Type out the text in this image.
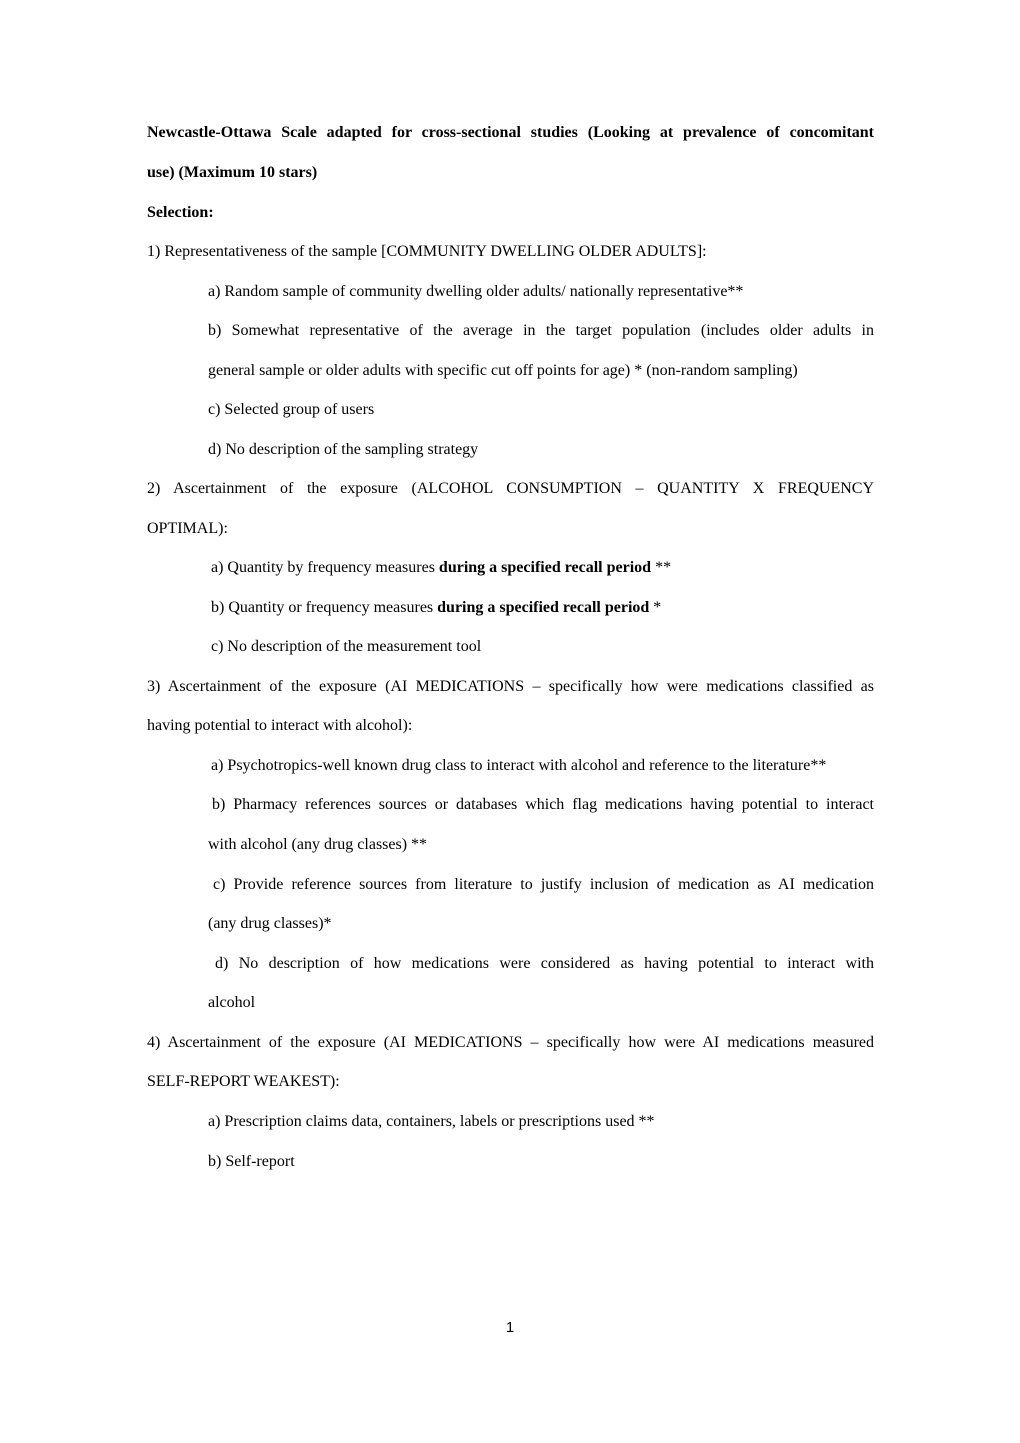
Newcastle-Ottawa Scale adapted for cross-sectional studies (Looking at prevalence of concomitant
use) (Maximum 10 stars)
Selection:
1) Representativeness of the sample [COMMUNITY DWELLING OLDER ADULTS]:
a) Random sample of community dwelling older adults/ nationally representative**
b) Somewhat representative of the average in the target population (includes older adults in
general sample or older adults with specific cut off points for age) * (non-random sampling)
c) Selected group of users
d) No description of the sampling strategy
2) Ascertainment of the exposure (ALCOHOL CONSUMPTION – QUANTITY X FREQUENCY
OPTIMAL):
a) Quantity by frequency measures during a specified recall period **
b) Quantity or frequency measures during a specified recall period *
c) No description of the measurement tool
3) Ascertainment of the exposure (AI MEDICATIONS – specifically how were medications classified as
having potential to interact with alcohol):
a) Psychotropics-well known drug class to interact with alcohol and reference to the literature**
b) Pharmacy references sources or databases which flag medications having potential to interact
with alcohol (any drug classes) **
c) Provide reference sources from literature to justify inclusion of medication as AI medication
(any drug classes)*
d) No description of how medications were considered as having potential to interact with
alcohol
4) Ascertainment of the exposure (AI MEDICATIONS – specifically how were AI medications measured
SELF-REPORT WEAKEST):
a) Prescription claims data, containers, labels or prescriptions used **
b) Self-report
1
